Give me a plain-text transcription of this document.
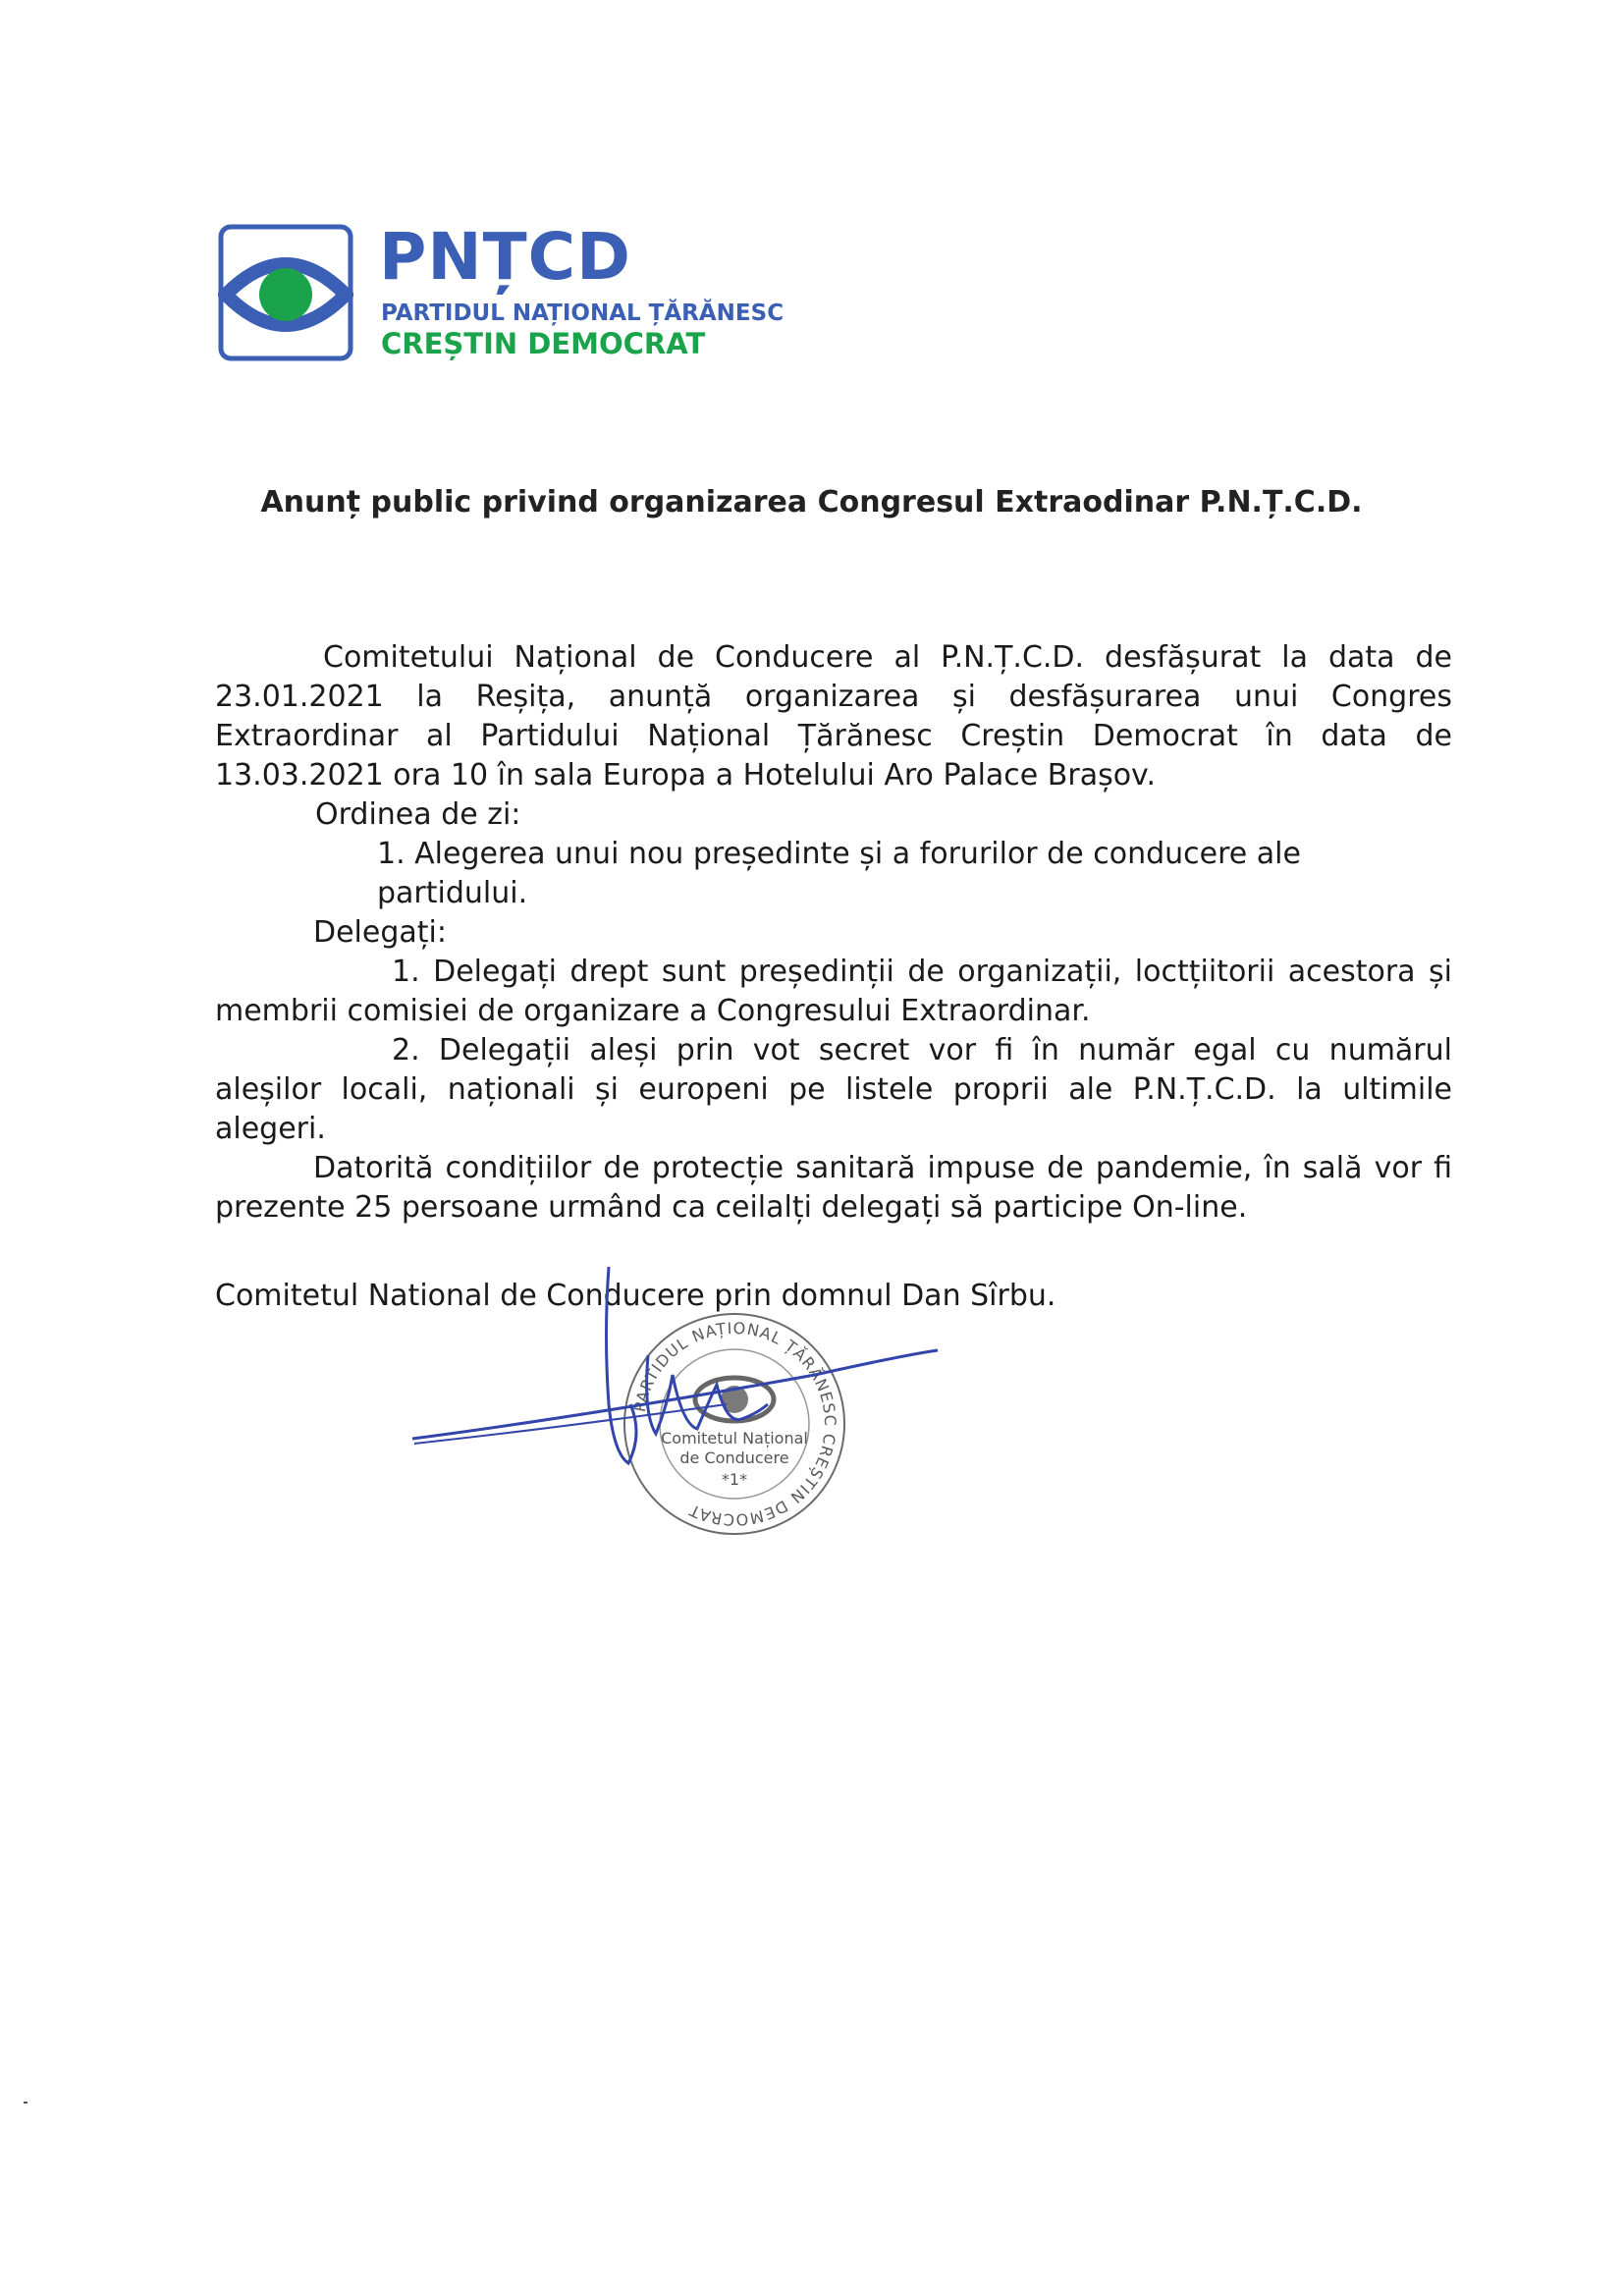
PNȚCD
PARTIDUL NAȚIONAL ȚĂRĂNESC
CREȘTIN DEMOCRAT
Anunț public privind organizarea Congresul Extraodinar P.N.Ț.C.D.

Comitetului Național de Conducere al P.N.Ț.C.D. desfășurat la data de 23.01.2021 la Reșița, anunță organizarea și desfășurarea unui Congres Extraordinar al Partidului Național Țărănesc Creștin Democrat în data de 13.03.2021 ora 10 în sala Europa a Hotelului Aro Palace Brașov.

Ordinea de zi:

1. Alegerea unui nou președinte și a forurilor de conducere ale partidului.

Delegați:

1. Delegați drept sunt președinții de organizații, loctțiitorii acestora și membrii comisiei de organizare a Congresului Extraordinar.

2. Delegații aleși prin vot secret vor fi în număr egal cu numărul aleșilor locali, naționali și europeni pe listele proprii ale P.N.Ț.C.D. la ultimile alegeri.

Datorită condițiilor de protecție sanitară impuse de pandemie, în sală vor fi prezente 25 persoane urmând ca ceilalți delegați să participe On-line.

Comitetul National de Conducere prin domnul Dan Sîrbu.
PARTIDUL NAȚIONAL ȚĂRĂNESC CREȘTIN DEMOCRAT
Comitetul Național
de Conducere
*1*
